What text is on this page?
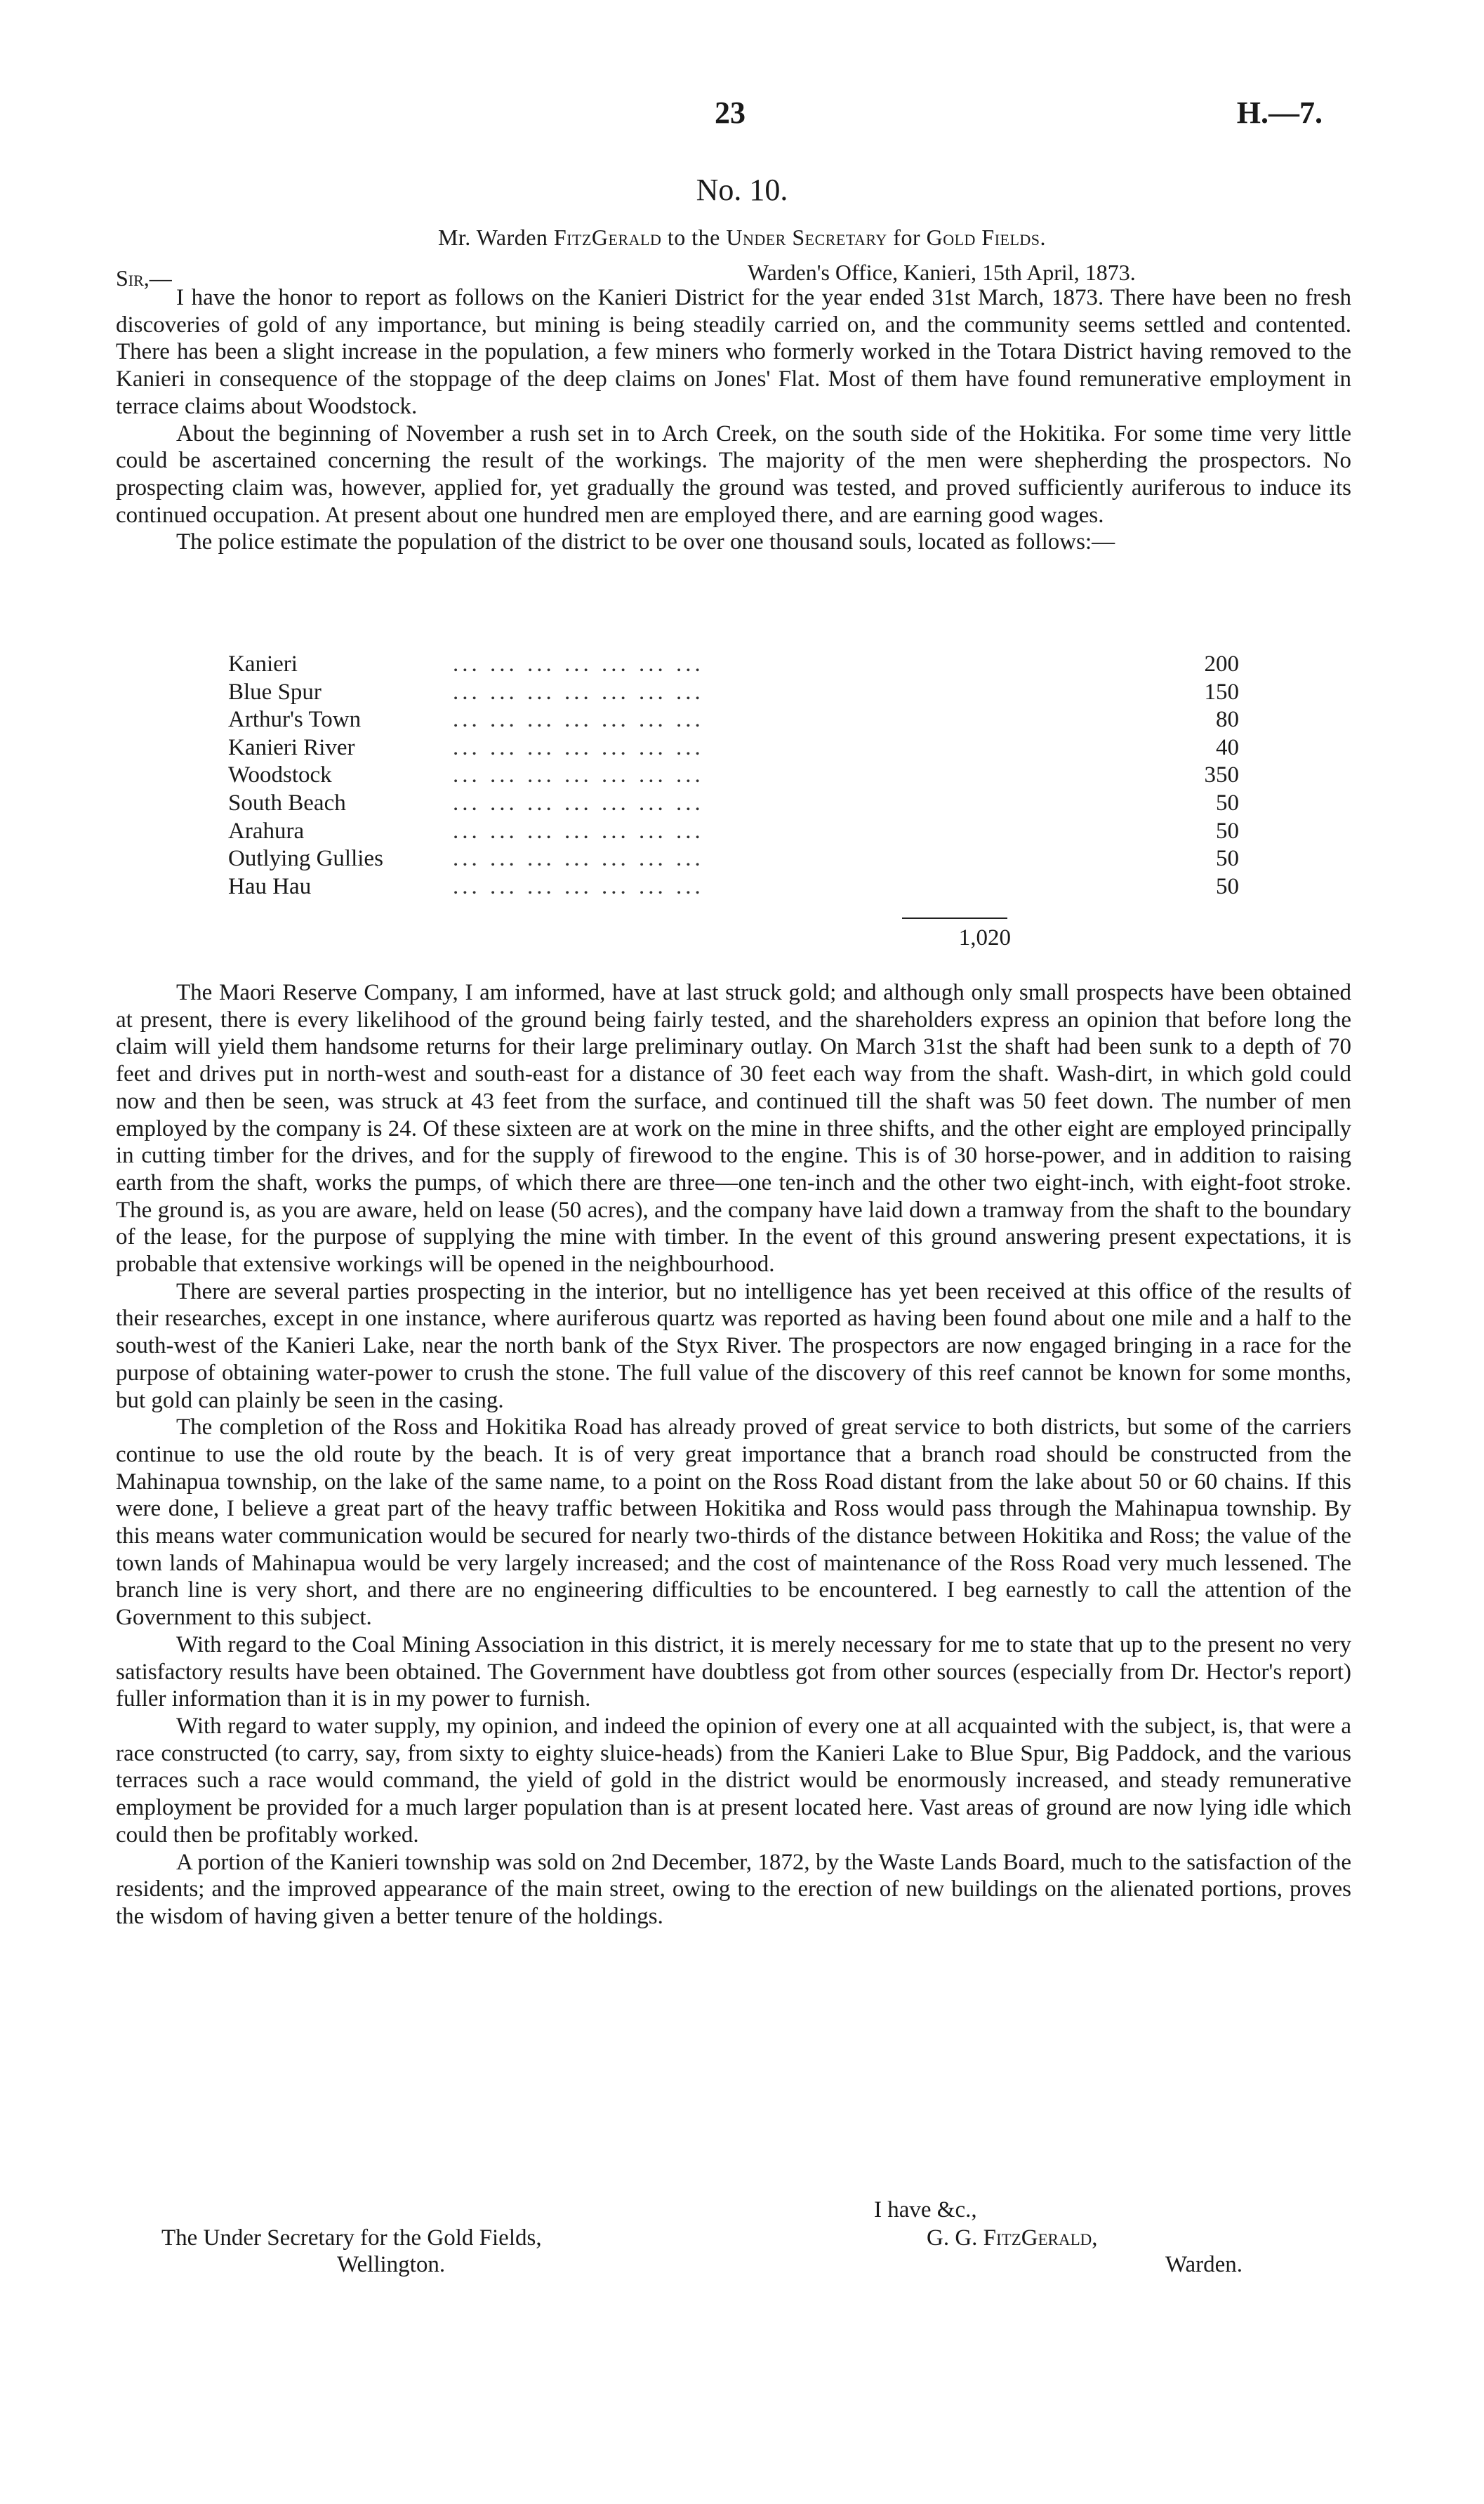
23	H.—7.
No. 10.
Mr. Warden FitzGerald to the Under Secretary for Gold Fields.
Sir,—	Warden's Office, Kanieri, 15th April, 1873.

I have the honor to report as follows on the Kanieri District for the year ended 31st March, 1873. There have been no fresh discoveries of gold of any importance, but mining is being steadily carried on, and the community seems settled and contented. There has been a slight increase in the population, a few miners who formerly worked in the Totara District having removed to the Kanieri in consequence of the stoppage of the deep claims on Jones' Flat. Most of them have found remunerative employment in terrace claims about Woodstock.

About the beginning of November a rush set in to Arch Creek, on the south side of the Hokitika. For some time very little could be ascertained concerning the result of the workings. The majority of the men were shepherding the prospectors. No prospecting claim was, however, applied for, yet gradually the ground was tested, and proved sufficiently auriferous to induce its continued occupation. At present about one hundred men are employed there, and are earning good wages.

The police estimate the population of the district to be over one thousand souls, located as follows:—

Kanieri	... ... ... ... ... ... ...	200
Blue Spur	... ... ... ... ... ... ...	150
Arthur's Town	... ... ... ... ... ... ...	80
Kanieri River	... ... ... ... ... ... ...	40
Woodstock	... ... ... ... ... ... ...	350
South Beach	... ... ... ... ... ... ...	50
Arahura	... ... ... ... ... ... ...	50
Outlying Gullies	... ... ... ... ... ... ...	50
Hau Hau	... ... ... ... ... ... ...	50
1,020

The Maori Reserve Company, I am informed, have at last struck gold; and although only small prospects have been obtained at present, there is every likelihood of the ground being fairly tested, and the shareholders express an opinion that before long the claim will yield them handsome returns for their large preliminary outlay. On March 31st the shaft had been sunk to a depth of 70 feet and drives put in north-west and south-east for a distance of 30 feet each way from the shaft. Wash-dirt, in which gold could now and then be seen, was struck at 43 feet from the surface, and continued till the shaft was 50 feet down. The number of men employed by the company is 24. Of these sixteen are at work on the mine in three shifts, and the other eight are employed principally in cutting timber for the drives, and for the supply of firewood to the engine. This is of 30 horse-power, and in addition to raising earth from the shaft, works the pumps, of which there are three—one ten-inch and the other two eight-inch, with eight-foot stroke. The ground is, as you are aware, held on lease (50 acres), and the company have laid down a tramway from the shaft to the boundary of the lease, for the purpose of supplying the mine with timber. In the event of this ground answering present expectations, it is probable that extensive workings will be opened in the neighbourhood.

There are several parties prospecting in the interior, but no intelligence has yet been received at this office of the results of their researches, except in one instance, where auriferous quartz was reported as having been found about one mile and a half to the south-west of the Kanieri Lake, near the north bank of the Styx River. The prospectors are now engaged bringing in a race for the purpose of obtaining water-power to crush the stone. The full value of the discovery of this reef cannot be known for some months, but gold can plainly be seen in the casing.

The completion of the Ross and Hokitika Road has already proved of great service to both districts, but some of the carriers continue to use the old route by the beach. It is of very great importance that a branch road should be constructed from the Mahinapua township, on the lake of the same name, to a point on the Ross Road distant from the lake about 50 or 60 chains. If this were done, I believe a great part of the heavy traffic between Hokitika and Ross would pass through the Mahinapua township. By this means water communication would be secured for nearly two-thirds of the distance between Hokitika and Ross; the value of the town lands of Mahinapua would be very largely increased; and the cost of maintenance of the Ross Road very much lessened. The branch line is very short, and there are no engineering difficulties to be encountered. I beg earnestly to call the attention of the Government to this subject.

With regard to the Coal Mining Association in this district, it is merely necessary for me to state that up to the present no very satisfactory results have been obtained. The Government have doubtless got from other sources (especially from Dr. Hector's report) fuller information than it is in my power to furnish.

With regard to water supply, my opinion, and indeed the opinion of every one at all acquainted with the subject, is, that were a race constructed (to carry, say, from sixty to eighty sluice-heads) from the Kanieri Lake to Blue Spur, Big Paddock, and the various terraces such a race would command, the yield of gold in the district would be enormously increased, and steady remunerative employment be provided for a much larger population than is at present located here. Vast areas of ground are now lying idle which could then be profitably worked.

A portion of the Kanieri township was sold on 2nd December, 1872, by the Waste Lands Board, much to the satisfaction of the residents; and the improved appearance of the main street, owing to the erection of new buildings on the alienated portions, proves the wisdom of having given a better tenure of the holdings.

I have &c.,
The Under Secretary for the Gold Fields,
Wellington.
G. G. FitzGerald,
Warden.
